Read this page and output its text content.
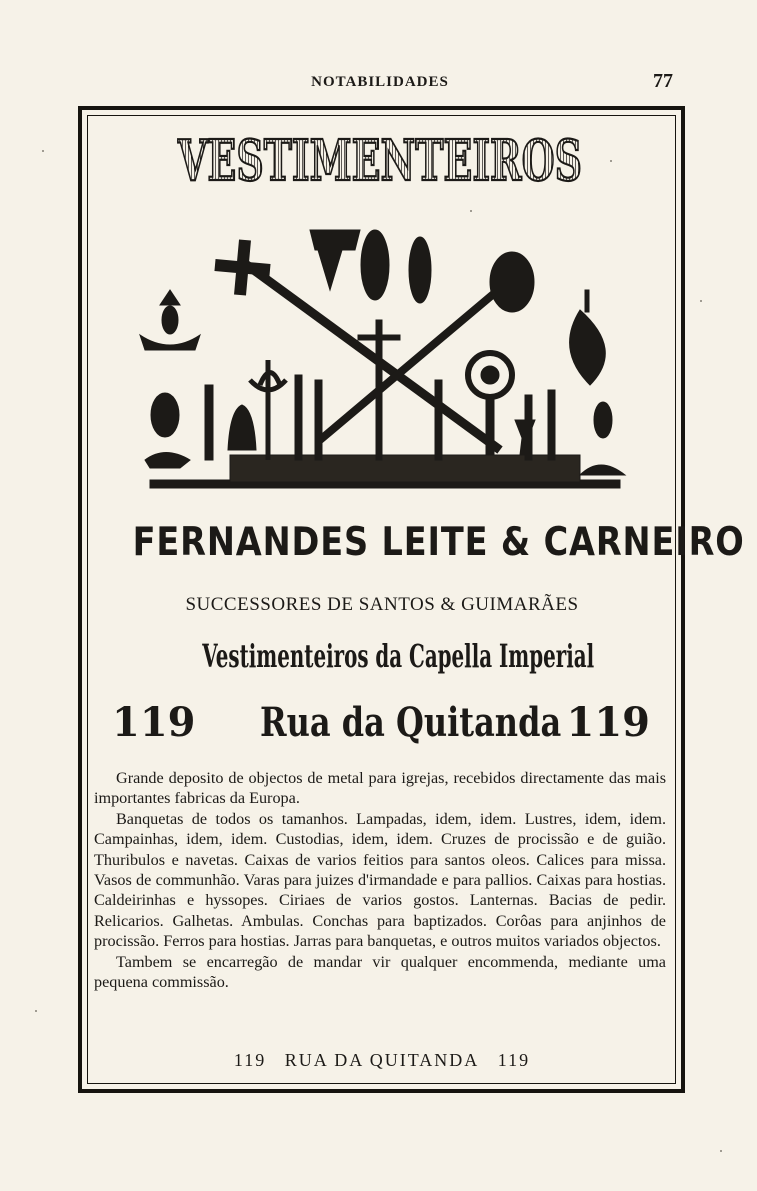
NOTABILIDADES	77
VESTIMENTEIROS
FERNANDES LEITE & CARNEIRO
SUCCESSORES DE SANTOS & GUIMARÃES
Vestimenteiros da Capella Imperial
119 Rua da Quitanda 119

Grande deposito de objectos de metal para igrejas, recebidos directamente das mais importantes fabricas da Europa.

Banquetas de todos os tamanhos. Lampadas, idem, idem. Lustres, idem, idem. Campainhas, idem, idem. Custodias, idem, idem. Cruzes de procissão e de guião. Thuribulos e navetas. Caixas de varios feitios para santos oleos. Calices para missa. Vasos de communhão. Varas para juizes d'irmandade e para pallios. Caixas para hostias. Caldeirinhas e hyssopes. Ciriaes de varios gostos. Lanternas. Bacias de pedir. Relicarios. Galhetas. Ambulas. Conchas para baptizados. Corôas para anjinhos de procissão. Ferros para hostias. Jarras para banquetas, e outros muitos variados objectos.

Tambem se encarregão de mandar vir qualquer encommenda, mediante uma pequena commissão.

119 RUA DA QUITANDA 119
